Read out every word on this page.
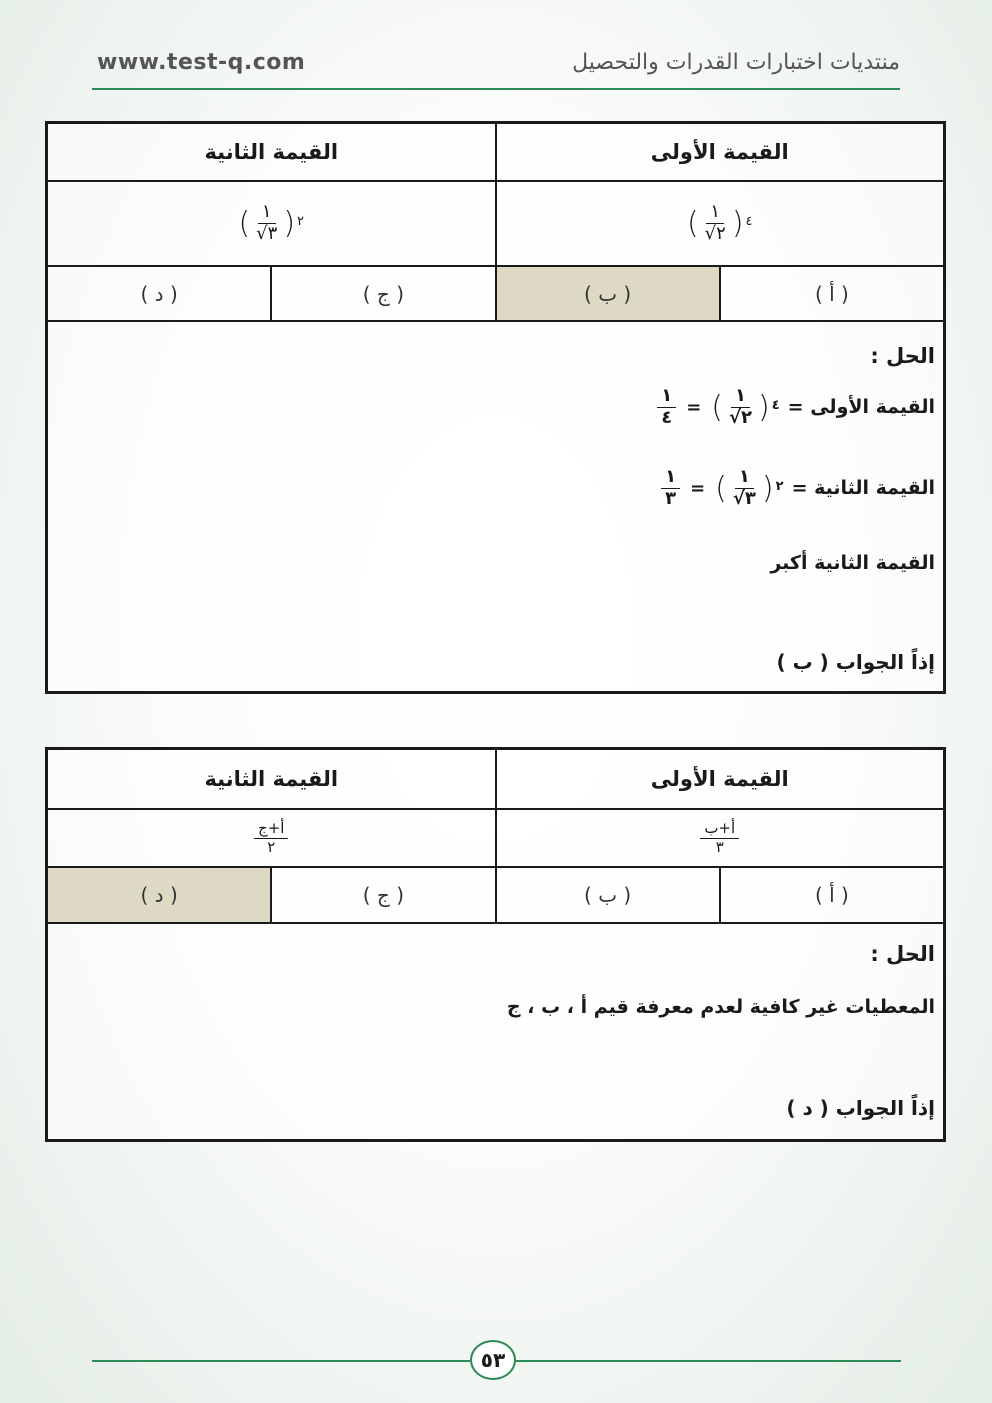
www.test-q.com	منتديات اختبارات القدرات والتحصيل
القيمة الأولى
القيمة الثانية
( $\frac{١}{√٢}$ ) ٤
( $\frac{١}{√٣}$ ) ٢
( أ )
( ب )
( ج )
( د )
الحل :
القيمة الأولى =
$\frac{١}{٤}$ = ( $\frac{١}{√٢}$ ) ٤
القيمة الثانية =
$\frac{١}{٣}$ = ( $\frac{١}{√٣}$ ) ٢
القيمة الثانية أكبر
إذاً الجواب ( ب )
القيمة الأولى
القيمة الثانية
$\frac{\text{أ+ب}}{٣}$
$\frac{\text{أ+ج}}{٢}$
( أ )
( ب )
( ج )
( د )
الحل :
المعطيات غير كافية لعدم معرفة قيم أ ، ب ، ج
إذاً الجواب ( د )
٥٣
